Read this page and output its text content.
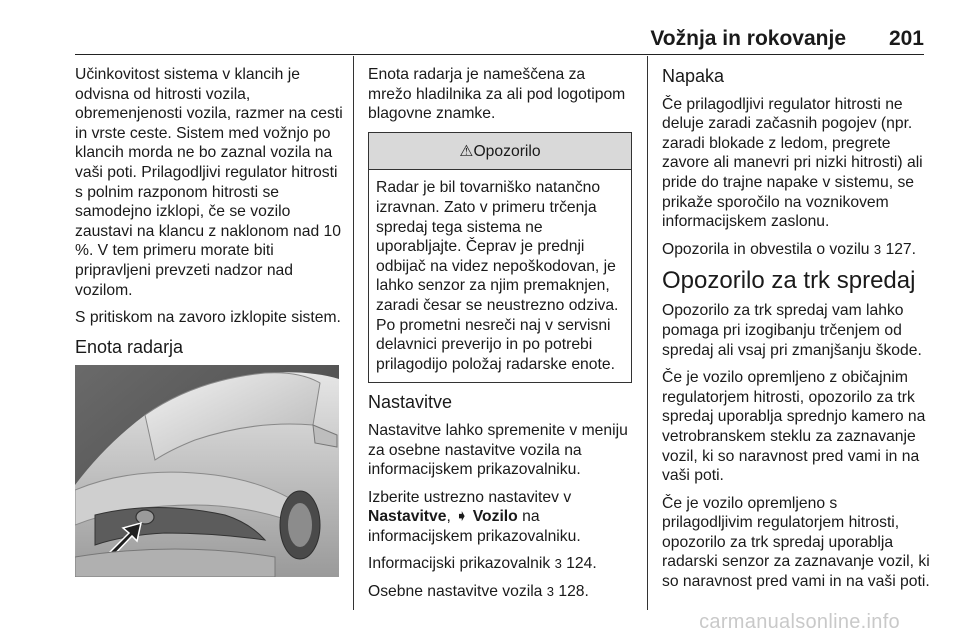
Vožnja in rokovanje 201

Učinkovitost sistema v klancih je odvisna od hitrosti vozila, obremenjenosti vozila, razmer na cesti in vrste ceste. Sistem med vožnjo po klancih morda ne bo zaznal vozila na vaši poti. Prilagodljivi regulator hitrosti s polnim razponom hitrosti se samodejno izklopi, če se vozilo zaustavi na klancu z naklonom nad 10 %. V tem primeru morate biti pripravljeni prevzeti nadzor nad vozilom.

S pritiskom na zavoro izklopite sistem.

Enota radarja

Enota radarja je nameščena za mrežo hladilnika za ali pod logotipom blagovne znamke.

⚠Opozorilo
Radar je bil tovarniško natančno izravnan. Zato v primeru trčenja spredaj tega sistema ne uporabljajte. Čeprav je prednji odbijač na videz nepoškodovan, je lahko senzor za njim premaknjen, zaradi česar se neustrezno odziva. Po prometni nesreči naj v servisni delavnici preverijo in po potrebi prilagodijo položaj radarske enote.
Nastavitve

Nastavitve lahko spremenite v meniju za osebne nastavitve vozila na informacijskem prikazovalniku.

Izberite ustrezno nastavitev v
Nastavitve, ➧ Vozilo na informacijskem prikazovalniku.

Informacijski prikazovalnik 3 124.

Osebne nastavitve vozila 3 128.

Napaka

Če prilagodljivi regulator hitrosti ne deluje zaradi začasnih pogojev (npr. zaradi blokade z ledom, pregrete zavore ali manevri pri nizki hitrosti) ali pride do trajne napake v sistemu, se prikaže sporočilo na voznikovem informacijskem zaslonu.

Opozorila in obvestila o vozilu 3 127.

Opozorilo za trk spredaj

Opozorilo za trk spredaj vam lahko pomaga pri izogibanju trčenjem od spredaj ali vsaj pri zmanjšanju škode.

Če je vozilo opremljeno z običajnim regulatorjem hitrosti, opozorilo za trk spredaj uporablja sprednjo kamero na vetrobranskem steklu za zaznavanje vozil, ki so naravnost pred vami in na vaši poti.

Če je vozilo opremljeno s prilagodljivim regulatorjem hitrosti, opozorilo za trk spredaj uporablja radarski senzor za zaznavanje vozil, ki so naravnost pred vami in na vaši poti.

carmanualsonline.info
